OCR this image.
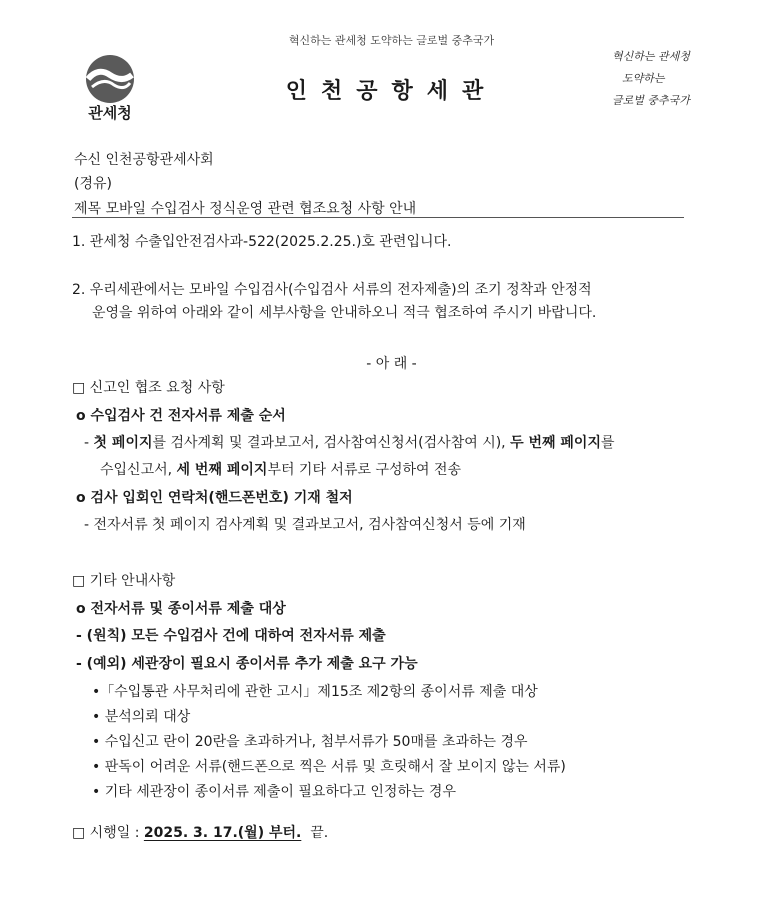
혁신하는 관세청 도약하는 글로벌 중추국가
관세청
인천공항세관
혁신하는 관세청
도약하는
글로벌 중추국가
수신 인천공항관세사회
(경유)
제목 모바일 수입검사 정식운영 관련 협조요청 사항 안내
1. 관세청 수출입안전검사과-522(2025.2.25.)호 관련입니다.
2. 우리세관에서는 모바일 수입검사(수입검사 서류의 전자제출)의 조기 정착과 안정적
운영을 위하여 아래와 같이 세부사항을 안내하오니 적극 협조하여 주시기 바랍니다.
- 아 래 -
□ 신고인 협조 요청 사항
o 수입검사 건 전자서류 제출 순서
- 첫 페이지를 검사계획 및 결과보고서, 검사참여신청서(검사참여 시), 두 번째 페이지를
수입신고서, 세 번째 페이지부터 기타 서류로 구성하여 전송
o 검사 입회인 연락처(핸드폰번호) 기재 철저
- 전자서류 첫 페이지 검사계획 및 결과보고서, 검사참여신청서 등에 기재
□ 기타 안내사항
o 전자서류 및 종이서류 제출 대상
- (원칙) 모든 수입검사 건에 대하여 전자서류 제출
- (예외) 세관장이 필요시 종이서류 추가 제출 요구 가능
•「수입통관 사무처리에 관한 고시」제15조 제2항의 종이서류 제출 대상
• 분석의뢰 대상
• 수입신고 란이 20란을 초과하거나, 첨부서류가 50매를 초과하는 경우
• 판독이 어려운 서류(핸드폰으로 찍은 서류 및 흐릿해서 잘 보이지 않는 서류)
• 기타 세관장이 종이서류 제출이 필요하다고 인정하는 경우
□ 시행일 : 2025. 3. 17.(월) 부터. 끝.
